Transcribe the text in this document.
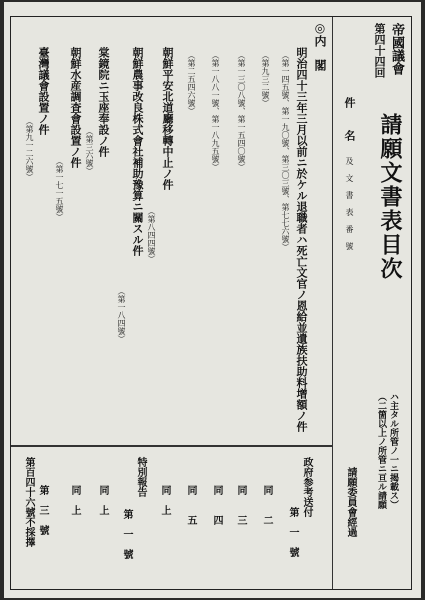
第四十四回 帝國議會
請願文書表目次
（二箇以上ノ所管ニ亘ル請願 ハ主タル所管ノ一ニ揭載ス）
件　　名
及 文 書 表 番 號
請願委員會經過
◎内　閣
明治四十三年三月以前ニ於ケル退職者ハ死亡文官ノ恩給並遺族扶助料增額ノ件
（第一四五號、第一九〇號、第三〇三號、第七七六號）
政府参考送付
第　一　號
（第九三二號）
同　　二
（第一三〇八號、第一五四〇號）
同　　三
（第一八八一號、第一八九五號）
同　　四
（第二五四六號）
同　　五
朝鮮平安北道廳移轉中止ノ件
（第八四四號）
同　上
朝鮮農事改良株式會社補助豫算ニ關スル件
（第一八四號）
特別報告
第　一　號
棠鏡院ニ玉座奉設ノ件
（第三六號）
同　上
朝鮮水産調査會設置ノ件
（第一七一五號）
同　上
臺灣議會設置ノ件
（第九一二六號）
第百四十六號不採擇 第　三　號
